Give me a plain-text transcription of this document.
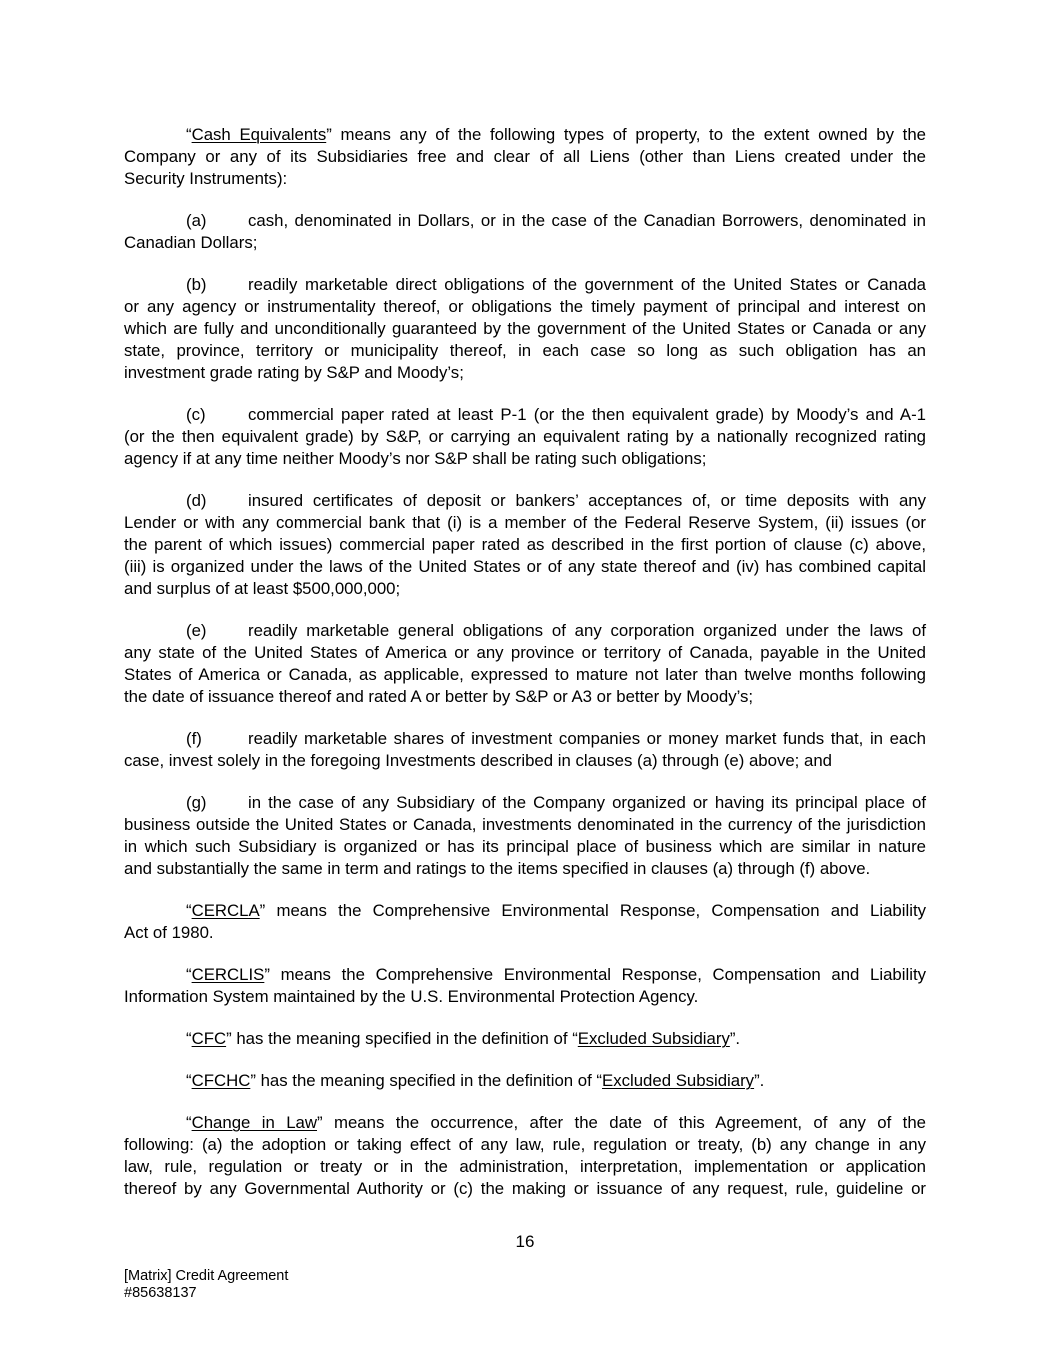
“Cash Equivalents” means any of the following types of property, to the extent owned by the
Company or any of its Subsidiaries free and clear of all Liens (other than Liens created under the
Security Instruments):
(a) cash, denominated in Dollars, or in the case of the Canadian Borrowers, denominated in
Canadian Dollars;
(b) readily marketable direct obligations of the government of the United States or Canada
or any agency or instrumentality thereof, or obligations the timely payment of principal and interest on
which are fully and unconditionally guaranteed by the government of the United States or Canada or any
state, province, territory or municipality thereof, in each case so long as such obligation has an
investment grade rating by S&P and Moody’s;
(c)	commercial paper rated at least P-1 (or the then equivalent grade) by Moody’s and A-1
(or the then equivalent grade) by S&P, or carrying an equivalent rating by a nationally recognized rating
agency if at any time neither Moody’s nor S&P shall be rating such obligations;
(d) insured certificates of deposit or bankers’ acceptances of, or time deposits with any
Lender or with any commercial bank that (i) is a member of the Federal Reserve System, (ii) issues (or
the parent of which issues) commercial paper rated as described in the first portion of clause (c) above,
(iii) is organized under the laws of the United States or of any state thereof and (iv) has combined capital
and surplus of at least $500,000,000;
(e) readily marketable general obligations of any corporation organized under the laws of
any state of the United States of America or any province or territory of Canada, payable in the United
States of America or Canada, as applicable, expressed to mature not later than twelve months following
the date of issuance thereof and rated A or better by S&P or A3 or better by Moody’s;
(f)	readily marketable shares of investment companies or money market funds that, in each
case, invest solely in the foregoing Investments described in clauses (a) through (e) above; and
(g) in the case of any Subsidiary of the Company organized or having its principal place of
business outside the United States or Canada, investments denominated in the currency of the jurisdiction
in which such Subsidiary is organized or has its principal place of business which are similar in nature
and substantially the same in term and ratings to the items specified in clauses (a) through (f) above.
“CERCLA” means the Comprehensive Environmental Response, Compensation and Liability
Act of 1980.
“CERCLIS” means the Comprehensive Environmental Response, Compensation and Liability
Information System maintained by the U.S. Environmental Protection Agency.
“CFC” has the meaning specified in the definition of “Excluded Subsidiary”.
“CFCHC” has the meaning specified in the definition of “Excluded Subsidiary”.
“Change in Law” means the occurrence, after the date of this Agreement, of any of the
following: (a) the adoption or taking effect of any law, rule, regulation or treaty, (b) any change in any
law, rule, regulation or treaty or in the administration, interpretation, implementation or application
thereof by any Governmental Authority or (c) the making or issuance of any request, rule, guideline or
16
[Matrix] Credit Agreement
#85638137
